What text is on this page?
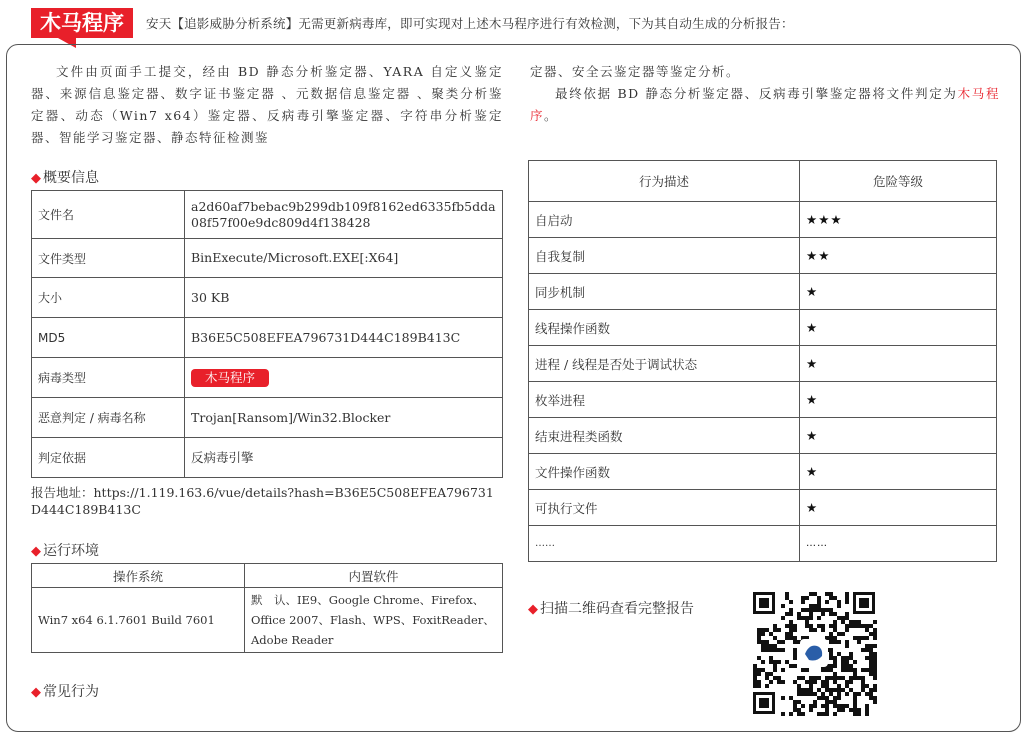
木马程序	安天【追影威胁分析系统】无需更新病毒库，即可实现对上述木马程序进行有效检测，下为其自动生成的分析报告：
文件由页面手工提交，经由 BD 静态分析鉴定器、YARA 自定义鉴定器、来源信息鉴定器、数字证书鉴定器 、元数据信息鉴定器 、聚类分析鉴定器、动态（Win7 x64）鉴定器、反病毒引擎鉴定器、字符串分析鉴定器、智能学习鉴定器、静态特征检测鉴
定器、安全云鉴定器等鉴定分析。
最终依据 BD 静态分析鉴定器、反病毒引擎鉴定器将文件判定为木马程序。
◆ 概要信息
文件名	a2d60af7bebac9b299db109f8162ed6335fb5dda08f57f00e9dc809d4f138428
文件类型	BinExecute/Microsoft.EXE[:X64]
大小	30 KB
MD5	B36E5C508EFEA796731D444C189B413C
病毒类型	木马程序
恶意判定 / 病毒名称	Trojan[Ransom]/Win32.Blocker
判定依据	反病毒引擎
报告地址：https://1.119.163.6/vue/details?hash=B36E5C508EFEA796731D444C189B413C
◆ 运行环境
操作系统	内置软件
Win7 x64 6.1.7601 Build 7601	默　认、IE9、Google Chrome、Firefox、Office 2007、Flash、WPS、FoxitReader、Adobe Reader
◆ 常见行为
行为描述	危险等级
自启动	★★★
自我复制	★★
同步机制	★
线程操作函数	★
进程 / 线程是否处于调试状态	★
枚举进程	★
结束进程类函数	★
文件操作函数	★
可执行文件	★
……	……
◆ 扫描二维码查看完整报告
